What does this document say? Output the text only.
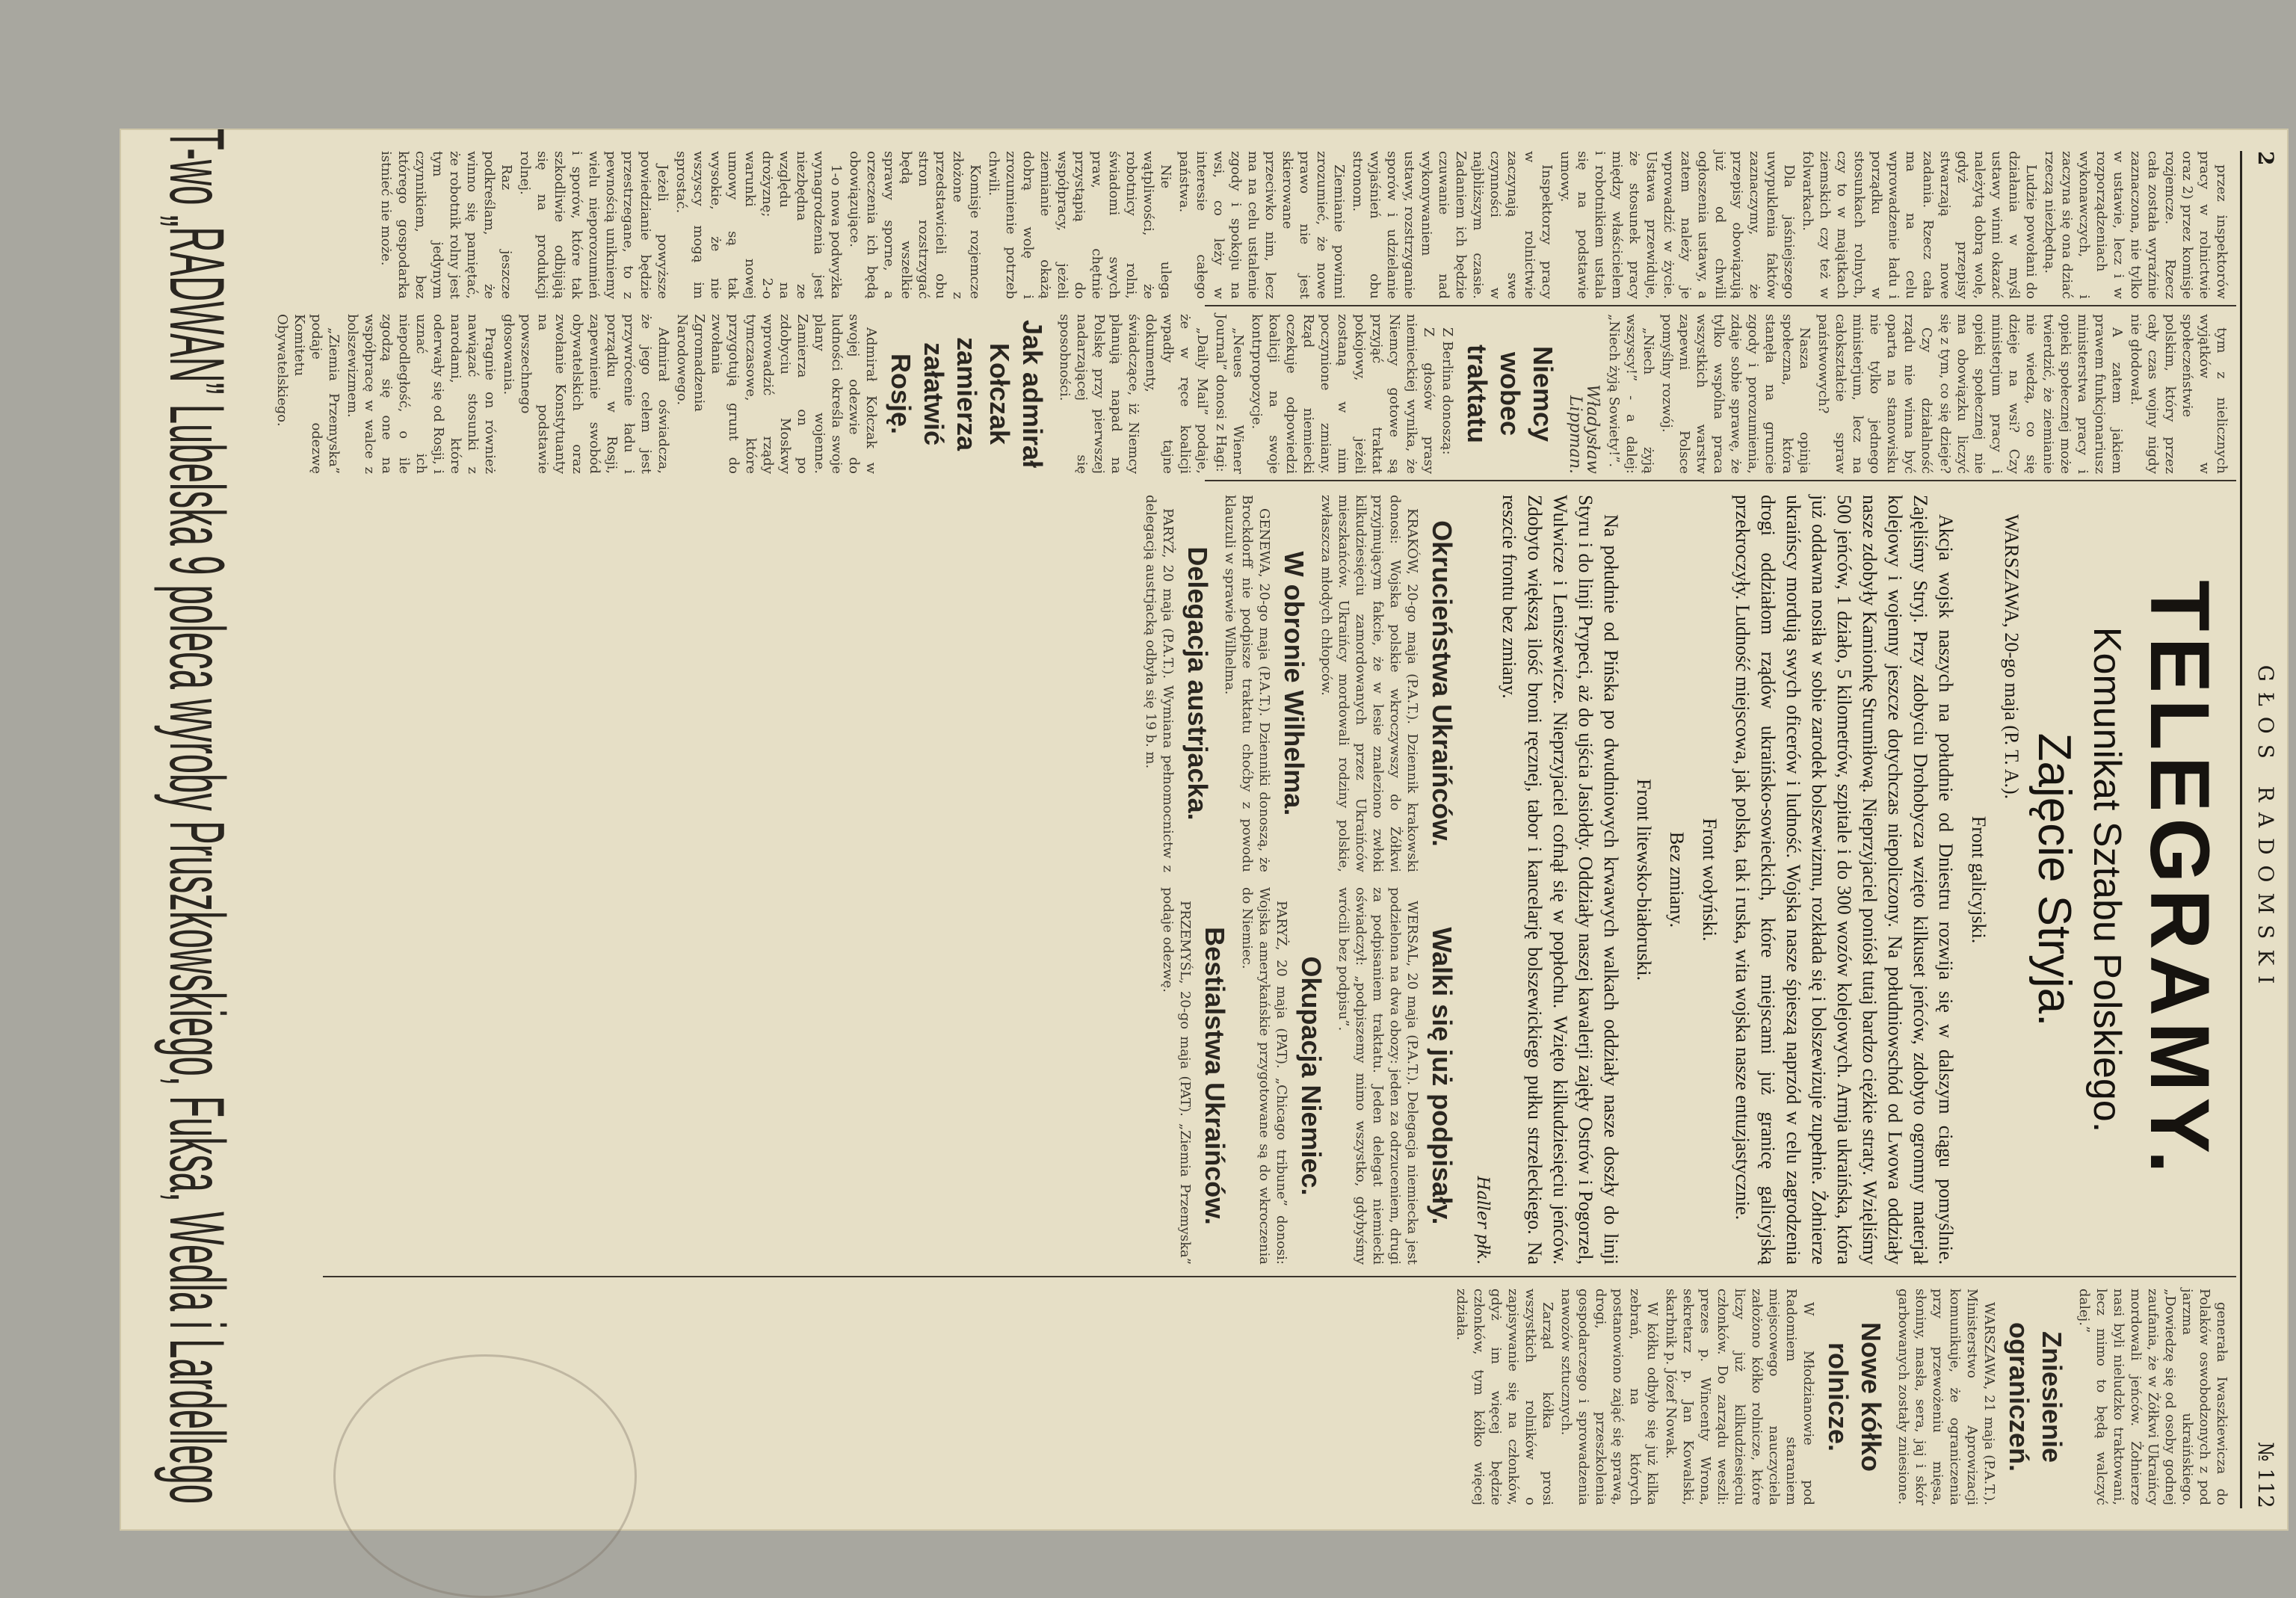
2
GŁOS RADOMSKI
№ 112

przez inspektorów pracy w rolnictwie oraz 2) przez komisje rozjemcze. Rzecz cała została wyraźnie zaznaczona, nie tylko w ustawie, lecz i w rozporządzeniach wykonawczych, i zaczyna się ona dziać rzeczą niezbędną.

Ludzie powołani do działania w myśl ustawy winni okazać należytą dobrą wolę, gdyż przepisy stwarzają nowe zadania. Rzecz cała ma na celu wprowadzenie ładu i porządku w stosunkach rolnych, czy to w majątkach ziemskich czy też w folwarkach.

Dla jaśniejszego uwypuklenia faktów zaznaczymy, że przepisy obowiązują już od chwili ogłoszenia ustawy, a zatem należy je wprowadzić w życie. Ustawa przewiduje, że stosunek pracy między właścicielem i robotnikiem ustala się na podstawie umowy.

Inspektorzy pracy w rolnictwie zaczynają swe czynności w najbliższym czasie. Zadaniem ich będzie czuwanie nad wykonywaniem ustawy, rozstrzyganie sporów i udzielanie wyjaśnień obu stronom.

Ziemianie powinni zrozumieć, że nowe prawo nie jest skierowane przeciwko nim, lecz ma na celu ustalenie zgody i spokoju na wsi, co leży w interesie całego państwa.

Nie ulega wątpliwości, że robotnicy rolni, świadomi swych praw, chętnie przystąpią do współpracy, jeżeli ziemianie okażą dobrą wolę i zrozumienie potrzeb chwili.

Komisje rozjemcze złożone z przedstawicieli obu stron rozstrzygać będą wszelkie sprawy sporne, a orzeczenia ich będą obowiązujące.

1-o nowa podwyżka wynagrodzenia jest niezbędna ze względu na drożyznę; 2-o warunki nowej umowy są tak wysokie, że nie wszyscy mogą im sprostać.

Jeżeli powyższe powiedzianie będzie przestrzegane, to z pewnością unikniemy wielu nieporozumień i sporów, które tak szkodliwie odbijają się na produkcji rolnej.

Raz jeszcze podkreślam, że winno się pamiętać, że robotnik rolny jest tym jedynym czynnikiem, bez którego gospodarka istnieć nie może.

tym z nielicznych wyjątków w społeczeństwie polskim, który przez cały czas wojny nigdy nie głodował.

A zatem jakiem prawem funkcjonariusz ministerstwa pracy i opieki społecznej może twierdzić, że ziemianie nie wiedzą, co się dzieje na wsi? Czy ministerjum pracy i opieki społecznej nie ma obowiązku liczyć się z tym, co się dzieje?

Czy działalność rządu nie winna być oparta na stanowisku nie tylko jednego ministerjum, lecz na całokształcie spraw państwowych?

Nasza opinja społeczna, która stanęła na gruncie zgody i porozumienia, zdaje sobie sprawę, że tylko wspólna praca wszystkich warstw zapewni Polsce pomyślny rozwój.

„Niech żyją wszyscy!” - a dalej: „Niech żyją Sowiety!”.

Władysław Lippman.
Niemcy wobec traktatu

Z Berlina donoszą:

Z głosów prasy niemieckiej wynika, że Niemcy gotowe są przyjąć traktat pokojowy, jeżeli zostaną w nim poczynione zmiany. Rząd niemiecki oczekuje odpowiedzi koalicji na swoje kontrpropozycje.

„Neues Wiener Journal” donosi z Hagi:

„Daily Mail” podaje, że w ręce koalicji wpadły tajne dokumenty, świadczące, iż Niemcy planują napad na Polskę przy pierwszej nadarzającej się sposobności.

Jak admirał Kołczak zamierza załatwić Rosję.

Admirał Kołczak w swojej odezwie do ludności określa swoje plany wojenne. Zamierza on po zdobyciu Moskwy wprowadzić rządy tymczasowe, które przygotują grunt do zwołania Zgromadzenia Narodowego.

Admirał oświadcza, że jego celem jest przywrócenie ładu i porządku w Rosji, zapewnienie swobód obywatelskich oraz zwołanie Konstytuanty na podstawie powszechnego głosowania.

Pragnie on również nawiązać stosunki z narodami, które oderwały się od Rosji, i uznać ich niepodległość, o ile zgodzą się one na współpracę w walce z bolszewizmem.

„Ziemia Przemyska” podaje odezwę Komitetu Obywatelskiego.

TELEGRAMY.
Komunikat Sztabu Polskiego.
Zajęcie Stryja.

WARSZAWA, 20-go maja (P. T. A.).

Front galicyjski.

Akcja wojsk naszych na południe od Dniestru rozwija się w dalszym ciągu pomyślnie. Zajęliśmy Stryj. Przy zdobyciu Drohobycza wzięto kilkuset jeńców, zdobyto ogromny materjał kolejowy i wojenny jeszcze dotychczas niepoliczony. Na południowschód od Lwowa oddziały nasze zdobyły Kamionkę Strumiłową. Nieprzyjaciel poniósł tutaj bardzo ciężkie straty. Wzięliśmy 500 jeńców, 1 działo, 5 kilometrów, szpitale i do 300 wozów kolejowych. Armja ukraińska, która już oddawna nosiła w sobie zarodek bolszewizmu, rozkłada się i bolszewizuje zupełnie. Żołnierze ukraińscy mordują swych oficerów i ludność. Wojska nasze śpieszą naprzód w celu zagrodzenia drogi oddziałom rządów ukraińsko-sowieckich, które miejscami już granicę galicyjską przekroczyły. Ludność miejscowa, jak polska, tak i ruska, wita wojska nasze entuzjastycznie.

Front wołyński.
Bez zmiany.
Front litewsko-białoruski.

Na południe od Pińska po dwudniowych krwawych walkach oddziały nasze doszły do linji Styru i do linji Prypeci, aż do ujścia Jasiołdy. Oddziały naszej kawalerji zajęły Ostrów i Pogorzel, Wulwicze i Leniszewicze. Nieprzyjaciel cofnął się w popłochu. Wzięto kilkudziesięciu jeńców. Zdobyto większą ilość broni ręcznej, tabor i kancelarję bolszewickiego pułku strzeleckiego. Na reszcie frontu bez zmiany.

Haller płk.
Okrucieństwa Ukraińców.

KRAKÓW, 20-go maja (P.A.T.). Dziennik krakowski donosi: Wojska polskie wkroczywszy do Żółkwi przyjmującym fakcie, że w lesie znaleziono zwłoki kilkudziesięciu zamordowanych przez Ukraińców mieszkańców. Ukraińcy mordowali rodziny polskie, zwłaszcza młodych chłopców.

W obronie Wilhelma.

GENEWA, 20-go maja (P.A.T.). Dzienniki donoszą, że Brockdorff nie podpisze traktatu choćby z powodu klauzuli w sprawie Wilhelma.

Delegacja austrjacka.

PARYŻ, 20 maja (P.A.T.). Wymiana pełnomocnictw z delegacją austrjacką odbyła się 19 b. m.

Walki się już podpisały.

WERSAL, 20 maja (P.A.T.). Delegacja niemiecka jest podzielona na dwa obozy: jeden za odrzuceniem, drugi za podpisaniem traktatu. Jeden delegat niemiecki oświadczył: „podpiszemy mimo wszystko, gdybyśmy wrócili bez podpisu”.

Okupacja Niemiec.

PARYŻ, 20 maja (PAT). „Chicago tribune” donosi: Wojska amerykańskie przygotowane są do wkroczenia do Niemiec.

Bestialstwa Ukraińców.

PRZEMYŚL, 20-go maja (PAT). „Ziemia Przemyska” podaje odezwę.

generała Iwaszkiewicza do Polaków oswobodzonych z pod jarzma ukraińskiego. „Dowiedzę się od osoby godnej zaufania, że w Żółkwi Ukraińcy mordowali jeńców. Żołnierze nasi byli nieludzko traktowani, lecz mimo to będą walczyć dalej.”

Zniesienie ograniczeń.

WARSZAWA, 21 maja (P.A.T.). Ministerstwo Aprowizacji komunikuje, że ograniczenia przy przewożeniu mięsa, słoniny, masła, sera, jaj i skór garbowanych zostały zniesione.

Nowe kółko rolnicze.

W Młodzianowie pod Radomiem staraniem miejscowego nauczyciela założono kółko rolnicze, które liczy już kilkudziesięciu członków. Do zarządu weszli: prezes p. Wincenty Wrona, sekretarz p. Jan Kowalski, skarbnik p. Józef Nowak.

W kółku odbyło się już kilka zebrań, na których postanowiono zająć się sprawą, drogi, przeszkolenia gospodarczego i sprowadzenia nawozów sztucznych.

Zarząd kółka prosi wszystkich rolników o zapisywanie się na członków, gdyż im więcej będzie członków, tym kółko więcej zdziała.

T-wo „RADWAN” Lubelska 9 poleca wyroby Pruszkowskiego, Fuksa, Wedla i Lardellego
